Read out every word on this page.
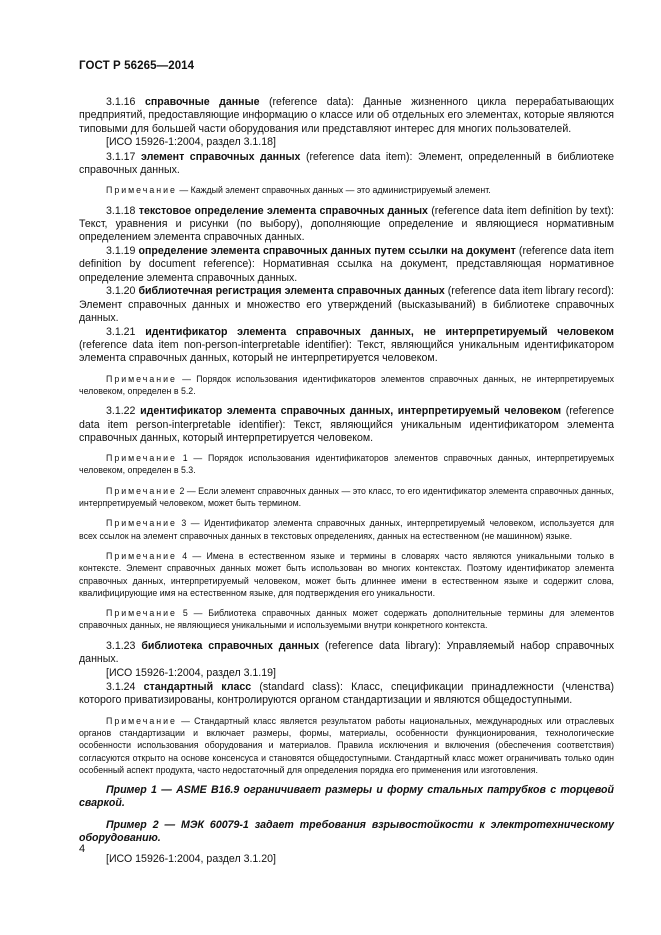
ГОСТ Р 56265—2014

3.1.16 справочные данные (reference data): Данные жизненного цикла перерабатывающих предприятий, предоставляющие информацию о классе или об отдельных его элементах, которые являются типовыми для большей части оборудования или представляют интерес для многих пользователей.

[ИСО 15926-1:2004, раздел 3.1.18]

3.1.17 элемент справочных данных (reference data item): Элемент, определенный в библиотеке справочных данных.

Примечание — Каждый элемент справочных данных — это администрируемый элемент.

3.1.18 текстовое определение элемента справочных данных (reference data item definition by text): Текст, уравнения и рисунки (по выбору), дополняющие определение и являющиеся нормативным определением элемента справочных данных.

3.1.19 определение элемента справочных данных путем ссылки на документ (reference data item definition by document reference): Нормативная ссылка на документ, представляющая нормативное определение элемента справочных данных.

3.1.20 библиотечная регистрация элемента справочных данных (reference data item library record): Элемент справочных данных и множество его утверждений (высказываний) в библиотеке справочных данных.

3.1.21 идентификатор элемента справочных данных, не интерпретируемый человеком (reference data item non-person-interpretable identifier): Текст, являющийся уникальным идентификатором элемента справочных данных, который не интерпретируется человеком.

Примечание — Порядок использования идентификаторов элементов справочных данных, не интерпретируемых человеком, определен в 5.2.

3.1.22 идентификатор элемента справочных данных, интерпретируемый человеком (reference data item person-interpretable identifier): Текст, являющийся уникальным идентификатором элемента справочных данных, который интерпретируется человеком.

Примечание 1 — Порядок использования идентификаторов элементов справочных данных, интерпретируемых человеком, определен в 5.3.

Примечание 2 — Если элемент справочных данных — это класс, то его идентификатор элемента справочных данных, интерпретируемый человеком, может быть термином.

Примечание 3 — Идентификатор элемента справочных данных, интерпретируемый человеком, используется для всех ссылок на элемент справочных данных в текстовых определениях, данных на естественном (не машинном) языке.

Примечание 4 — Имена в естественном языке и термины в словарях часто являются уникальными только в контексте. Элемент справочных данных может быть использован во многих контекстах. Поэтому идентификатор элемента справочных данных, интерпретируемый человеком, может быть длиннее имени в естественном языке и содержит слова, квалифицирующие имя на естественном языке, для подтверждения его уникальности.

Примечание 5 — Библиотека справочных данных может содержать дополнительные термины для элементов справочных данных, не являющиеся уникальными и используемыми внутри конкретного контекста.

3.1.23 библиотека справочных данных (reference data library): Управляемый набор справочных данных.

[ИСО 15926-1:2004, раздел 3.1.19]

3.1.24 стандартный класс (standard class): Класс, спецификации принадлежности (членства) которого приватизированы, контролируются органом стандартизации и являются общедоступными.

Примечание — Стандартный класс является результатом работы национальных, международных или отраслевых органов стандартизации и включает размеры, формы, материалы, особенности функционирования, технологические особенности использования оборудования и материалов. Правила исключения и включения (обеспечения соответствия) согласуются открыто на основе консенсуса и становятся общедоступными. Стандартный класс может ограничивать только один особенный аспект продукта, часто недостаточный для определения порядка его применения или изготовления.

Пример 1 — ASME B16.9 ограничивает размеры и форму стальных патрубков с торцевой сваркой.

Пример 2 — МЭК 60079-1 задает требования взрывостойкости к электротехническому оборудованию.

[ИСО 15926-1:2004, раздел 3.1.20]

4
